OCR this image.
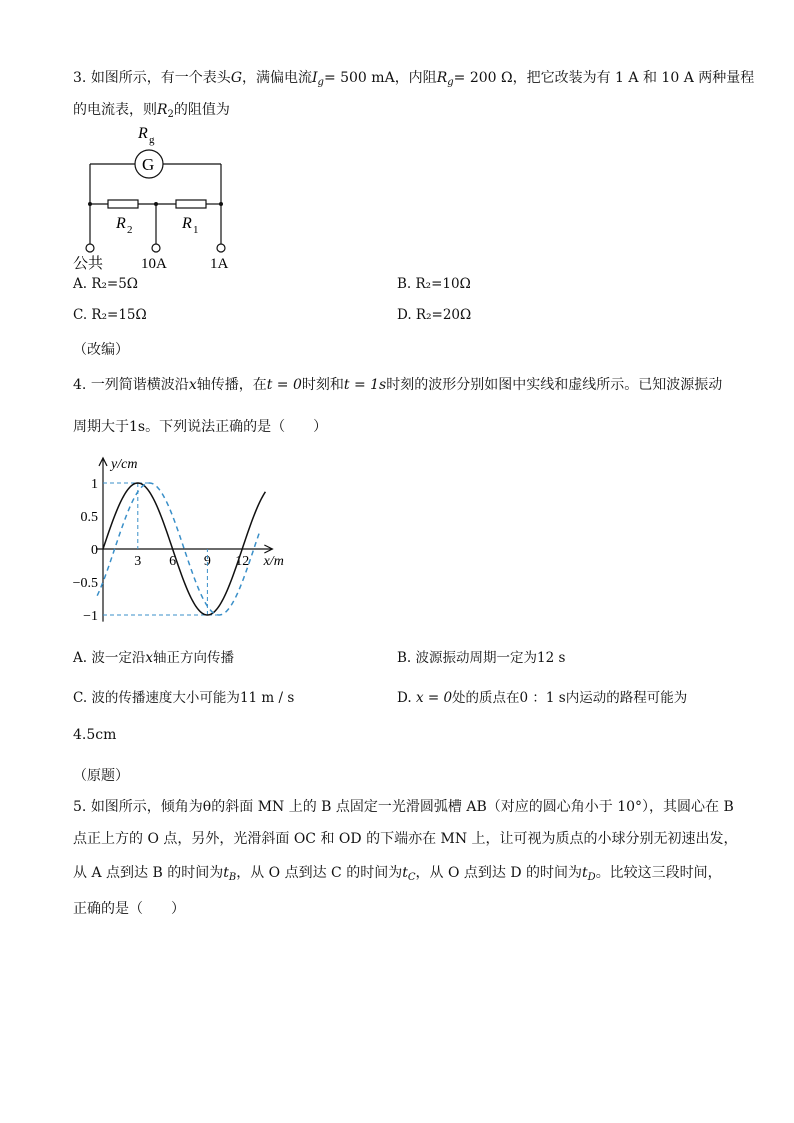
3. 如图所示，有一个表头G，满偏电流$I_g= 500$ mA，内阻$R_g= 200$ Ω，把它改装为有 1 A 和 10 A 两种量程
的电流表，则$R_2$的阻值为
R g
G
R 2	R 1
公共	10A	1A
A. R₂=5Ω	B. R₂=10Ω
C. R₂=15Ω	D. R₂=20Ω
（改编）
4. 一列简谐横波沿x轴传播，在t = 0时刻和t = 1s时刻的波形分别如图中实线和虚线所示。已知波源振动
周期大于1s。下列说法正确的是（　　）
y/cm
x/m
3 6 9 12
1
0.5
0
−0.5
−1
A. 波一定沿x轴正方向传播	B. 波源振动周期一定为12 s
C. 波的传播速度大小可能为11 m / s	D. x = 0处的质点在0 ：1 s内运动的路程可能为
4.5cm
（原题）
5. 如图所示，倾角为θ的斜面 MN 上的 B 点固定一光滑圆弧槽 AB（对应的圆心角小于 10°），其圆心在 B
点正上方的 O 点，另外，光滑斜面 OC 和 OD 的下端亦在 MN 上，让可视为质点的小球分别无初速出发，
从 A 点到达 B 的时间为$t_B$，从 O 点到达 C 的时间为$t_C$，从 O 点到达 D 的时间为$t_D$。比较这三段时间，
正确的是（　　）
